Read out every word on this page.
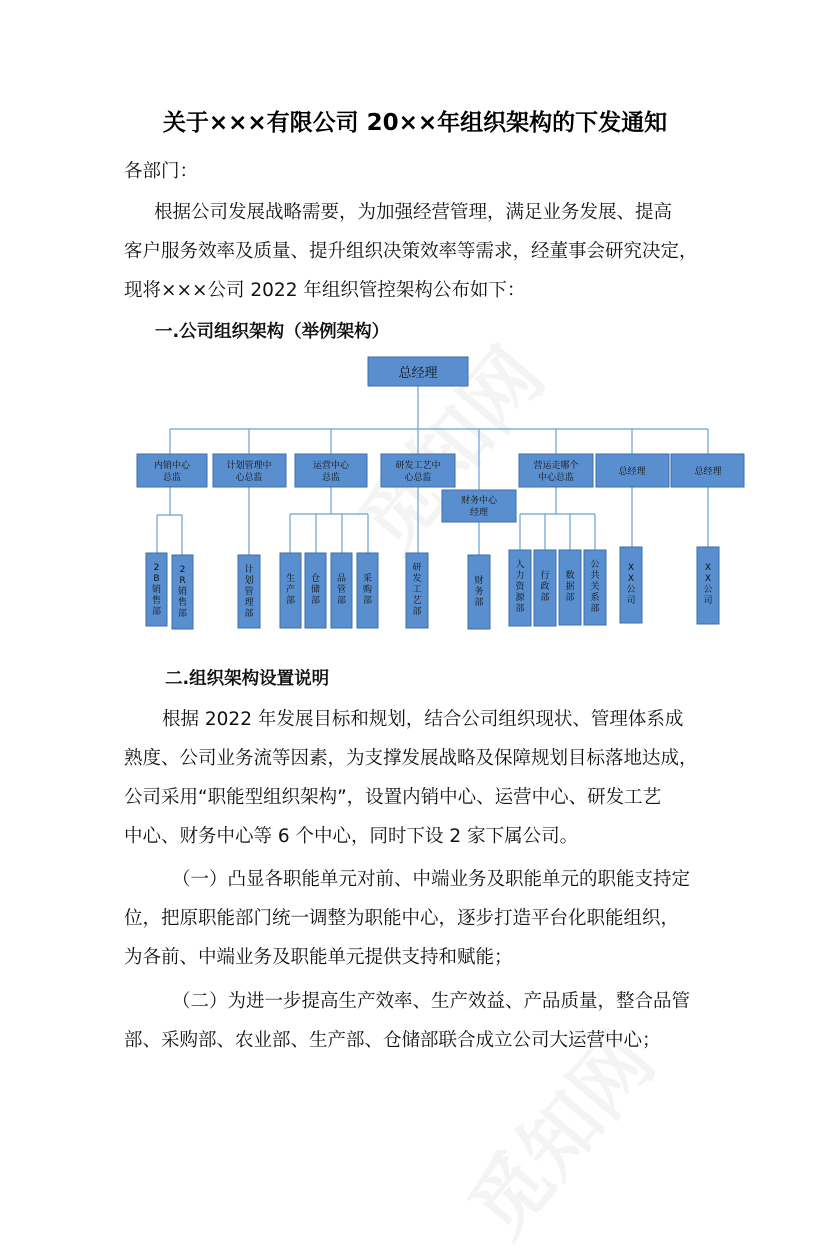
关于×××有限公司 20××年组织架构的下发通知
各部门：
根据公司发展战略需要，为加强经营管理，满足业务发展、提高
客户服务效率及质量、提升组织决策效率等需求，经董事会研究决定，
现将×××公司 2022 年组织管控架构公布如下：
一.公司组织架构（举例架构）
总经理
内销中心
总监
计划管理中
心总监
运营中心
总监
研发工艺中
心总监
财务中心
经理
营运走哪个
中心总监
总经理	总经理
2
B
销
售
部
2
R
销
售
部
计
划
管
理
部
生
产
部
仓
储
部
品
管
部
采
购
部
研
发
工
艺
部
财
务
部
人
力
资
源
部
行
政
部
数
据
部
公
共
关
系
部
X
X
公
司
X
X
公
司
二.组织架构设置说明
根据 2022 年发展目标和规划，结合公司组织现状、管理体系成
熟度、公司业务流等因素，为支撑发展战略及保障规划目标落地达成，
公司采用“职能型组织架构”，设置内销中心、运营中心、研发工艺
中心、财务中心等 6 个中心，同时下设 2 家下属公司。
（一）凸显各职能单元对前、中端业务及职能单元的职能支持定
位，把原职能部门统一调整为职能中心，逐步打造平台化职能组织，
为各前、中端业务及职能单元提供支持和赋能；
（二）为进一步提高生产效率、生产效益、产品质量，整合品管
部、采购部、农业部、生产部、仓储部联合成立公司大运营中心；
